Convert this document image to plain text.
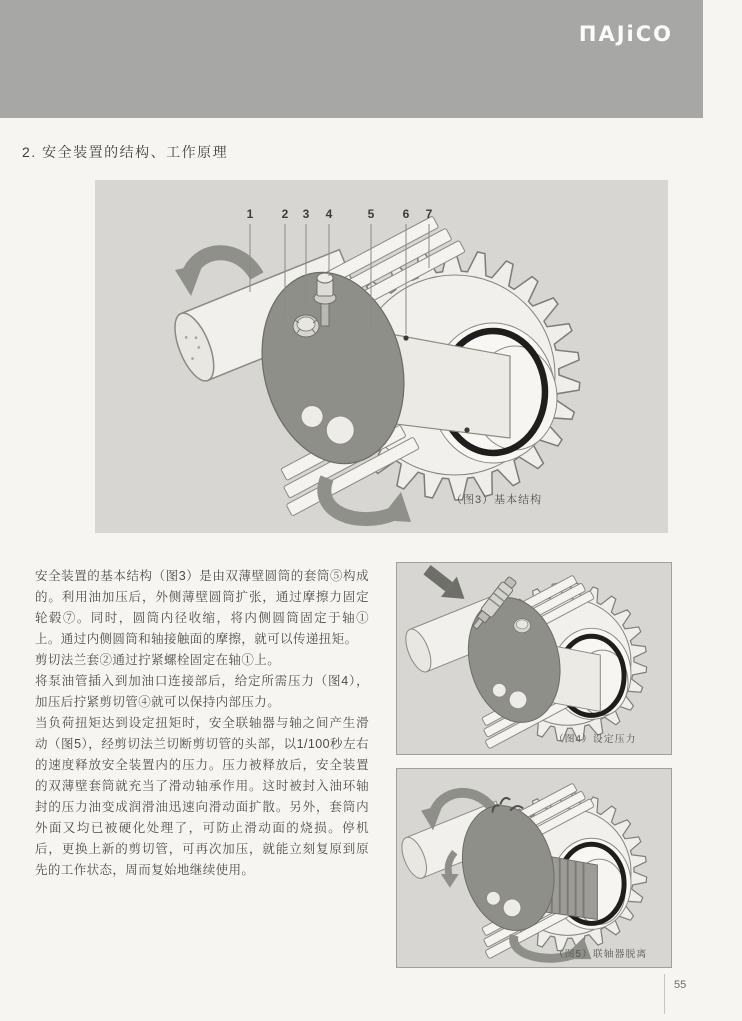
ПAJiCO
2. 安全装置的结构、工作原理
1 2 3 4	5 6 7
（图3）基本结构

安全装置的基本结构（图3）是由双薄壁圆筒的套筒⑤构成的。利用油加压后，外侧薄壁圆筒扩张，通过摩擦力固定轮毂⑦。同时，圆筒内径收缩，将内侧圆筒固定于轴①上。通过内侧圆筒和轴接触面的摩擦，就可以传递扭矩。

剪切法兰套②通过拧紧螺栓固定在轴①上。

将泵油管插入到加油口连接部后，给定所需压力（图4），加压后拧紧剪切管④就可以保持内部压力。

当负荷扭矩达到设定扭矩时，安全联轴器与轴之间产生滑动（图5），经剪切法兰切断剪切管的头部，以1/100秒左右的速度释放安全装置内的压力。压力被释放后，安全装置的双薄壁套筒就充当了滑动轴承作用。这时被封入油环轴封的压力油变成润滑油迅速向滑动面扩散。另外，套筒内外面又均已被硬化处理了，可防止滑动面的烧损。停机后，更换上新的剪切管，可再次加压，就能立刻复原到原先的工作状态，周而复始地继续使用。

（图4）设定压力
（图5）联轴器脱离
55
